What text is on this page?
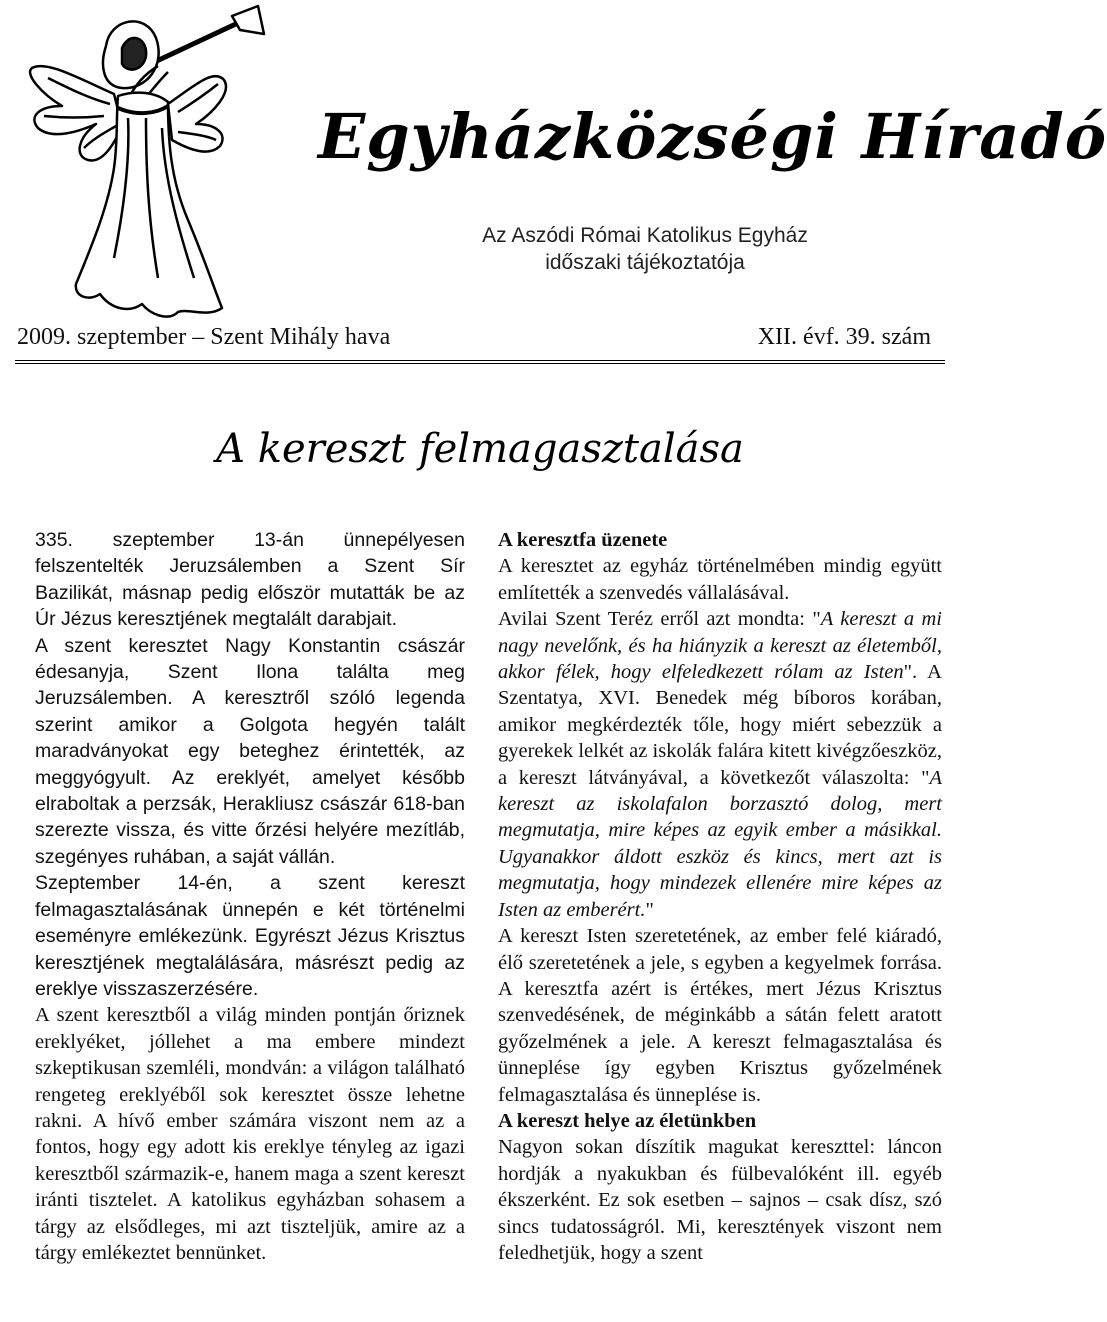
Egyházközségi Híradó
Az Aszódi Római Katolikus Egyház
időszaki tájékoztatója
2009. szeptember – Szent Mihály hava	XII. évf. 39. szám
A kereszt felmagasztalása

335. szeptember 13-án ünnepélyesen felszentelték Jeruzsálemben a Szent Sír Bazilikát, másnap pedig először mutatták be az Úr Jézus keresztjének megtalált darabjait.

A szent keresztet Nagy Konstantin császár édesanyja, Szent Ilona találta meg Jeruzsálemben. A keresztről szóló legenda szerint amikor a Golgota hegyén talált maradványokat egy beteghez érintették, az meggyógyult. Az ereklyét, amelyet később elraboltak a perzsák, Herakliusz császár 618-ban szerezte vissza, és vitte őrzési helyére mezítláb, szegényes ruhában, a saját vállán.

Szeptember 14-én, a szent kereszt felmagasztalásának ünnepén e két történelmi eseményre emlékezünk. Egyrészt Jézus Krisztus keresztjének megtalálására, másrészt pedig az ereklye visszaszerzésére.

A szent keresztből a világ minden pontján őriznek ereklyéket, jóllehet a ma embere mindezt szkeptikusan szemléli, mondván: a világon található rengeteg ereklyéből sok keresztet össze lehetne rakni. A hívő ember számára viszont nem az a fontos, hogy egy adott kis ereklye tényleg az igazi keresztből származik-e, hanem maga a szent kereszt iránti tisztelet. A katolikus egyházban sohasem a tárgy az elsődleges, mi azt tiszteljük, amire az a tárgy emlékeztet bennünket.

A keresztfa üzenete

A keresztet az egyház történelmében mindig együtt említették a szenvedés vállalásával.

Avilai Szent Teréz erről azt mondta: "A kereszt a mi nagy nevelőnk, és ha hiányzik a kereszt az életemből, akkor félek, hogy elfeledkezett rólam az Isten". A Szentatya, XVI. Benedek még bíboros korában, amikor megkérdezték tőle, hogy miért sebezzük a gyerekek lelkét az iskolák falára kitett kivégzőeszköz, a kereszt látványával, a következőt válaszolta: "A kereszt az iskolafalon borzasztó dolog, mert megmutatja, mire képes az egyik ember a másikkal. Ugyanakkor áldott eszköz és kincs, mert azt is megmutatja, hogy mindezek ellenére mire képes az Isten az emberért."

A kereszt Isten szeretetének, az ember felé kiáradó, élő szeretetének a jele, s egyben a kegyelmek forrása. A keresztfa azért is értékes, mert Jézus Krisztus szenvedésének, de méginkább a sátán felett aratott győzelmének a jele. A kereszt felmagasztalása és ünneplése így egyben Krisztus győzelmének felmagasztalása és ünneplése is.

A kereszt helye az életünkben

Nagyon sokan díszítik magukat kereszttel: láncon hordják a nyakukban és fülbevalóként ill. egyéb ékszerként. Ez sok esetben – sajnos – csak dísz, szó sincs tudatosságról. Mi, keresztények viszont nem feledhetjük, hogy a szent
